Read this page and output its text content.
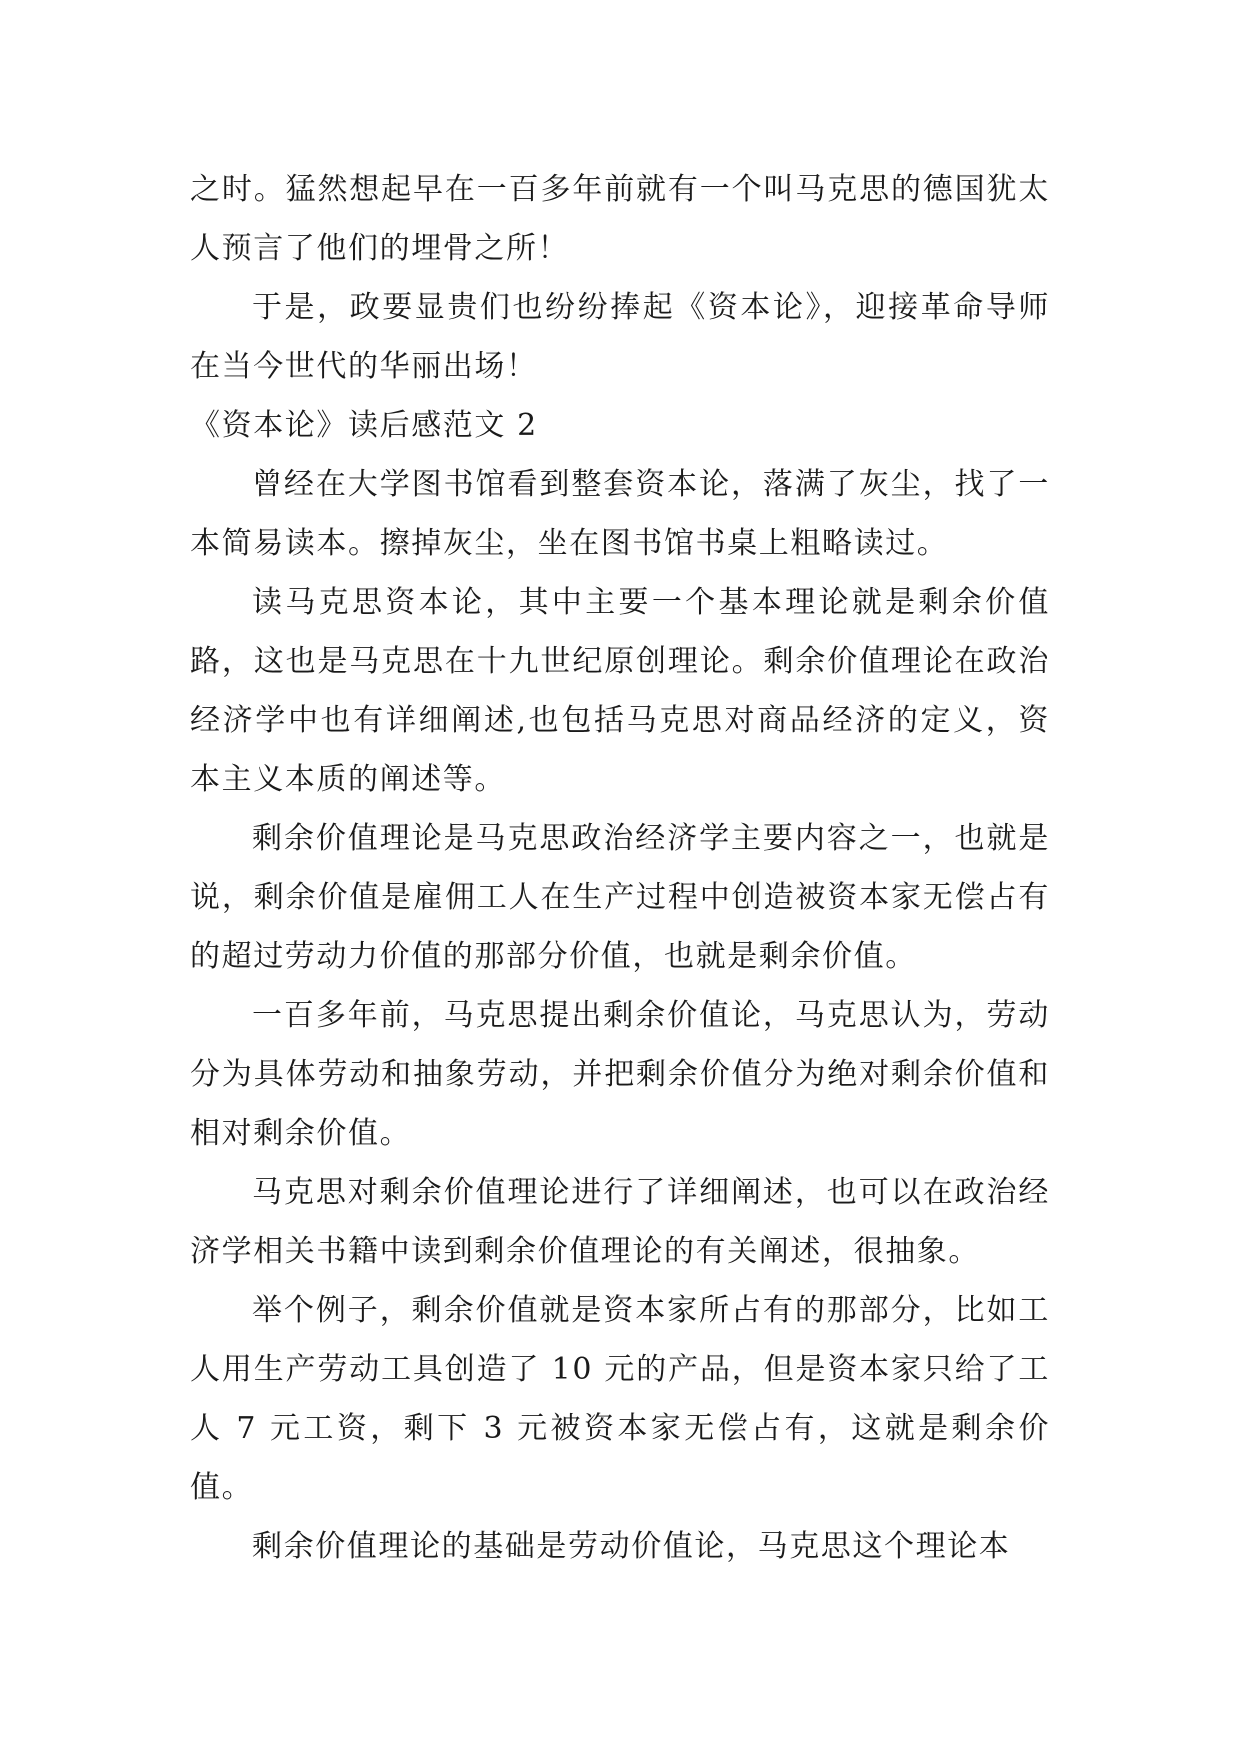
之时。猛然想起早在一百多年前就有一个叫马克思的德国犹太人预言了他们的埋骨之所！

于是，政要显贵们也纷纷捧起《资本论》，迎接革命导师在当今世代的华丽出场！

《资本论》读后感范文 2

曾经在大学图书馆看到整套资本论，落满了灰尘，找了一本简易读本。擦掉灰尘，坐在图书馆书桌上粗略读过。

读马克思资本论，其中主要一个基本理论就是剩余价值路，这也是马克思在十九世纪原创理论。剩余价值理论在政治经济学中也有详细阐述,也包括马克思对商品经济的定义，资本主义本质的阐述等。

剩余价值理论是马克思政治经济学主要内容之一，也就是说，剩余价值是雇佣工人在生产过程中创造被资本家无偿占有的超过劳动力价值的那部分价值，也就是剩余价值。

一百多年前，马克思提出剩余价值论，马克思认为，劳动分为具体劳动和抽象劳动，并把剩余价值分为绝对剩余价值和相对剩余价值。

马克思对剩余价值理论进行了详细阐述，也可以在政治经济学相关书籍中读到剩余价值理论的有关阐述，很抽象。

举个例子，剩余价值就是资本家所占有的那部分，比如工人用生产劳动工具创造了 10 元的产品，但是资本家只给了工人 7 元工资，剩下 3 元被资本家无偿占有，这就是剩余价值。

剩余价值理论的基础是劳动价值论，马克思这个理论本
